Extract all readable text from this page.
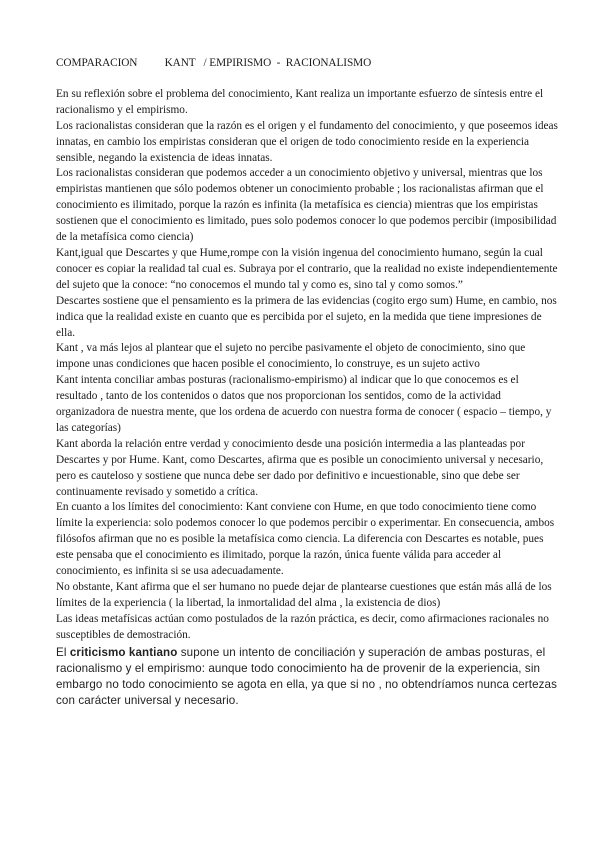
COMPARACION          KANT   / EMPIRISMO  -  RACIONALISMO

En su reflexión sobre el problema del conocimiento, Kant realiza un importante esfuerzo de síntesis entre el racionalismo y el empirismo.

Los racionalistas consideran que la razón es el origen y el fundamento del conocimiento, y que poseemos ideas innatas, en cambio los empiristas consideran que el origen de todo conocimiento reside en la experiencia sensible, negando la existencia de ideas innatas.

Los racionalistas consideran que podemos acceder a un conocimiento objetivo y universal, mientras que los empiristas mantienen que sólo podemos obtener un conocimiento probable ; los racionalistas afirman que el conocimiento es ilimitado, porque la razón es infinita (la metafísica es ciencia) mientras que los empiristas sostienen que el conocimiento es limitado, pues solo podemos conocer lo que podemos percibir (imposibilidad de la metafísica como ciencia)

Kant,igual que Descartes y que Hume,rompe con la visión ingenua del conocimiento humano, según la cual conocer es copiar la realidad tal cual es. Subraya por el contrario, que la realidad no existe independientemente del sujeto que la conoce: “no conocemos el mundo tal y como es, sino tal y como somos.”

Descartes sostiene que el pensamiento es la primera de las evidencias (cogito ergo sum) Hume, en cambio, nos indica que la realidad existe en cuanto que es percibida por el sujeto, en la medida que tiene impresiones de ella.

Kant , va más lejos al plantear que el sujeto no percibe pasivamente el objeto de conocimiento, sino que impone unas condiciones que hacen posible el conocimiento, lo construye, es un sujeto activo

Kant intenta conciliar ambas posturas (racionalismo-empirismo) al indicar que lo que conocemos es el resultado , tanto de los contenidos o datos que nos proporcionan los sentidos, como de la actividad organizadora de nuestra mente, que los ordena de acuerdo con nuestra forma de conocer ( espacio – tiempo, y las categorías)

Kant aborda la relación entre verdad y conocimiento desde una posición intermedia a las planteadas por Descartes y por Hume. Kant, como Descartes, afirma que es posible un conocimiento universal y necesario, pero es cauteloso y sostiene que nunca debe ser dado por definitivo e incuestionable, sino que debe ser continuamente revisado y sometido a crítica.

En cuanto a los límites del conocimiento: Kant conviene con Hume, en que todo conocimiento tiene como límite la experiencia: solo podemos conocer lo que podemos percibir o experimentar. En consecuencia, ambos filósofos afirman que no es posible la metafísica como ciencia. La diferencia con Descartes es notable, pues este pensaba que el conocimiento es ilimitado, porque la razón, única fuente válida para acceder al conocimiento, es infinita si se usa adecuadamente.

No obstante, Kant afirma que el ser humano no puede dejar de plantearse cuestiones que están más allá de los límites de la experiencia ( la libertad, la inmortalidad del alma , la existencia de dios)

Las ideas metafísicas actúan como postulados de la razón práctica, es decir, como afirmaciones racionales no susceptibles de demostración.

El criticismo kantiano supone un intento de conciliación y superación de ambas posturas, el racionalismo y el empirismo: aunque todo conocimiento ha de provenir de la experiencia, sin embargo no todo conocimiento se agota en ella, ya que si no , no obtendríamos nunca certezas con carácter universal y necesario.
